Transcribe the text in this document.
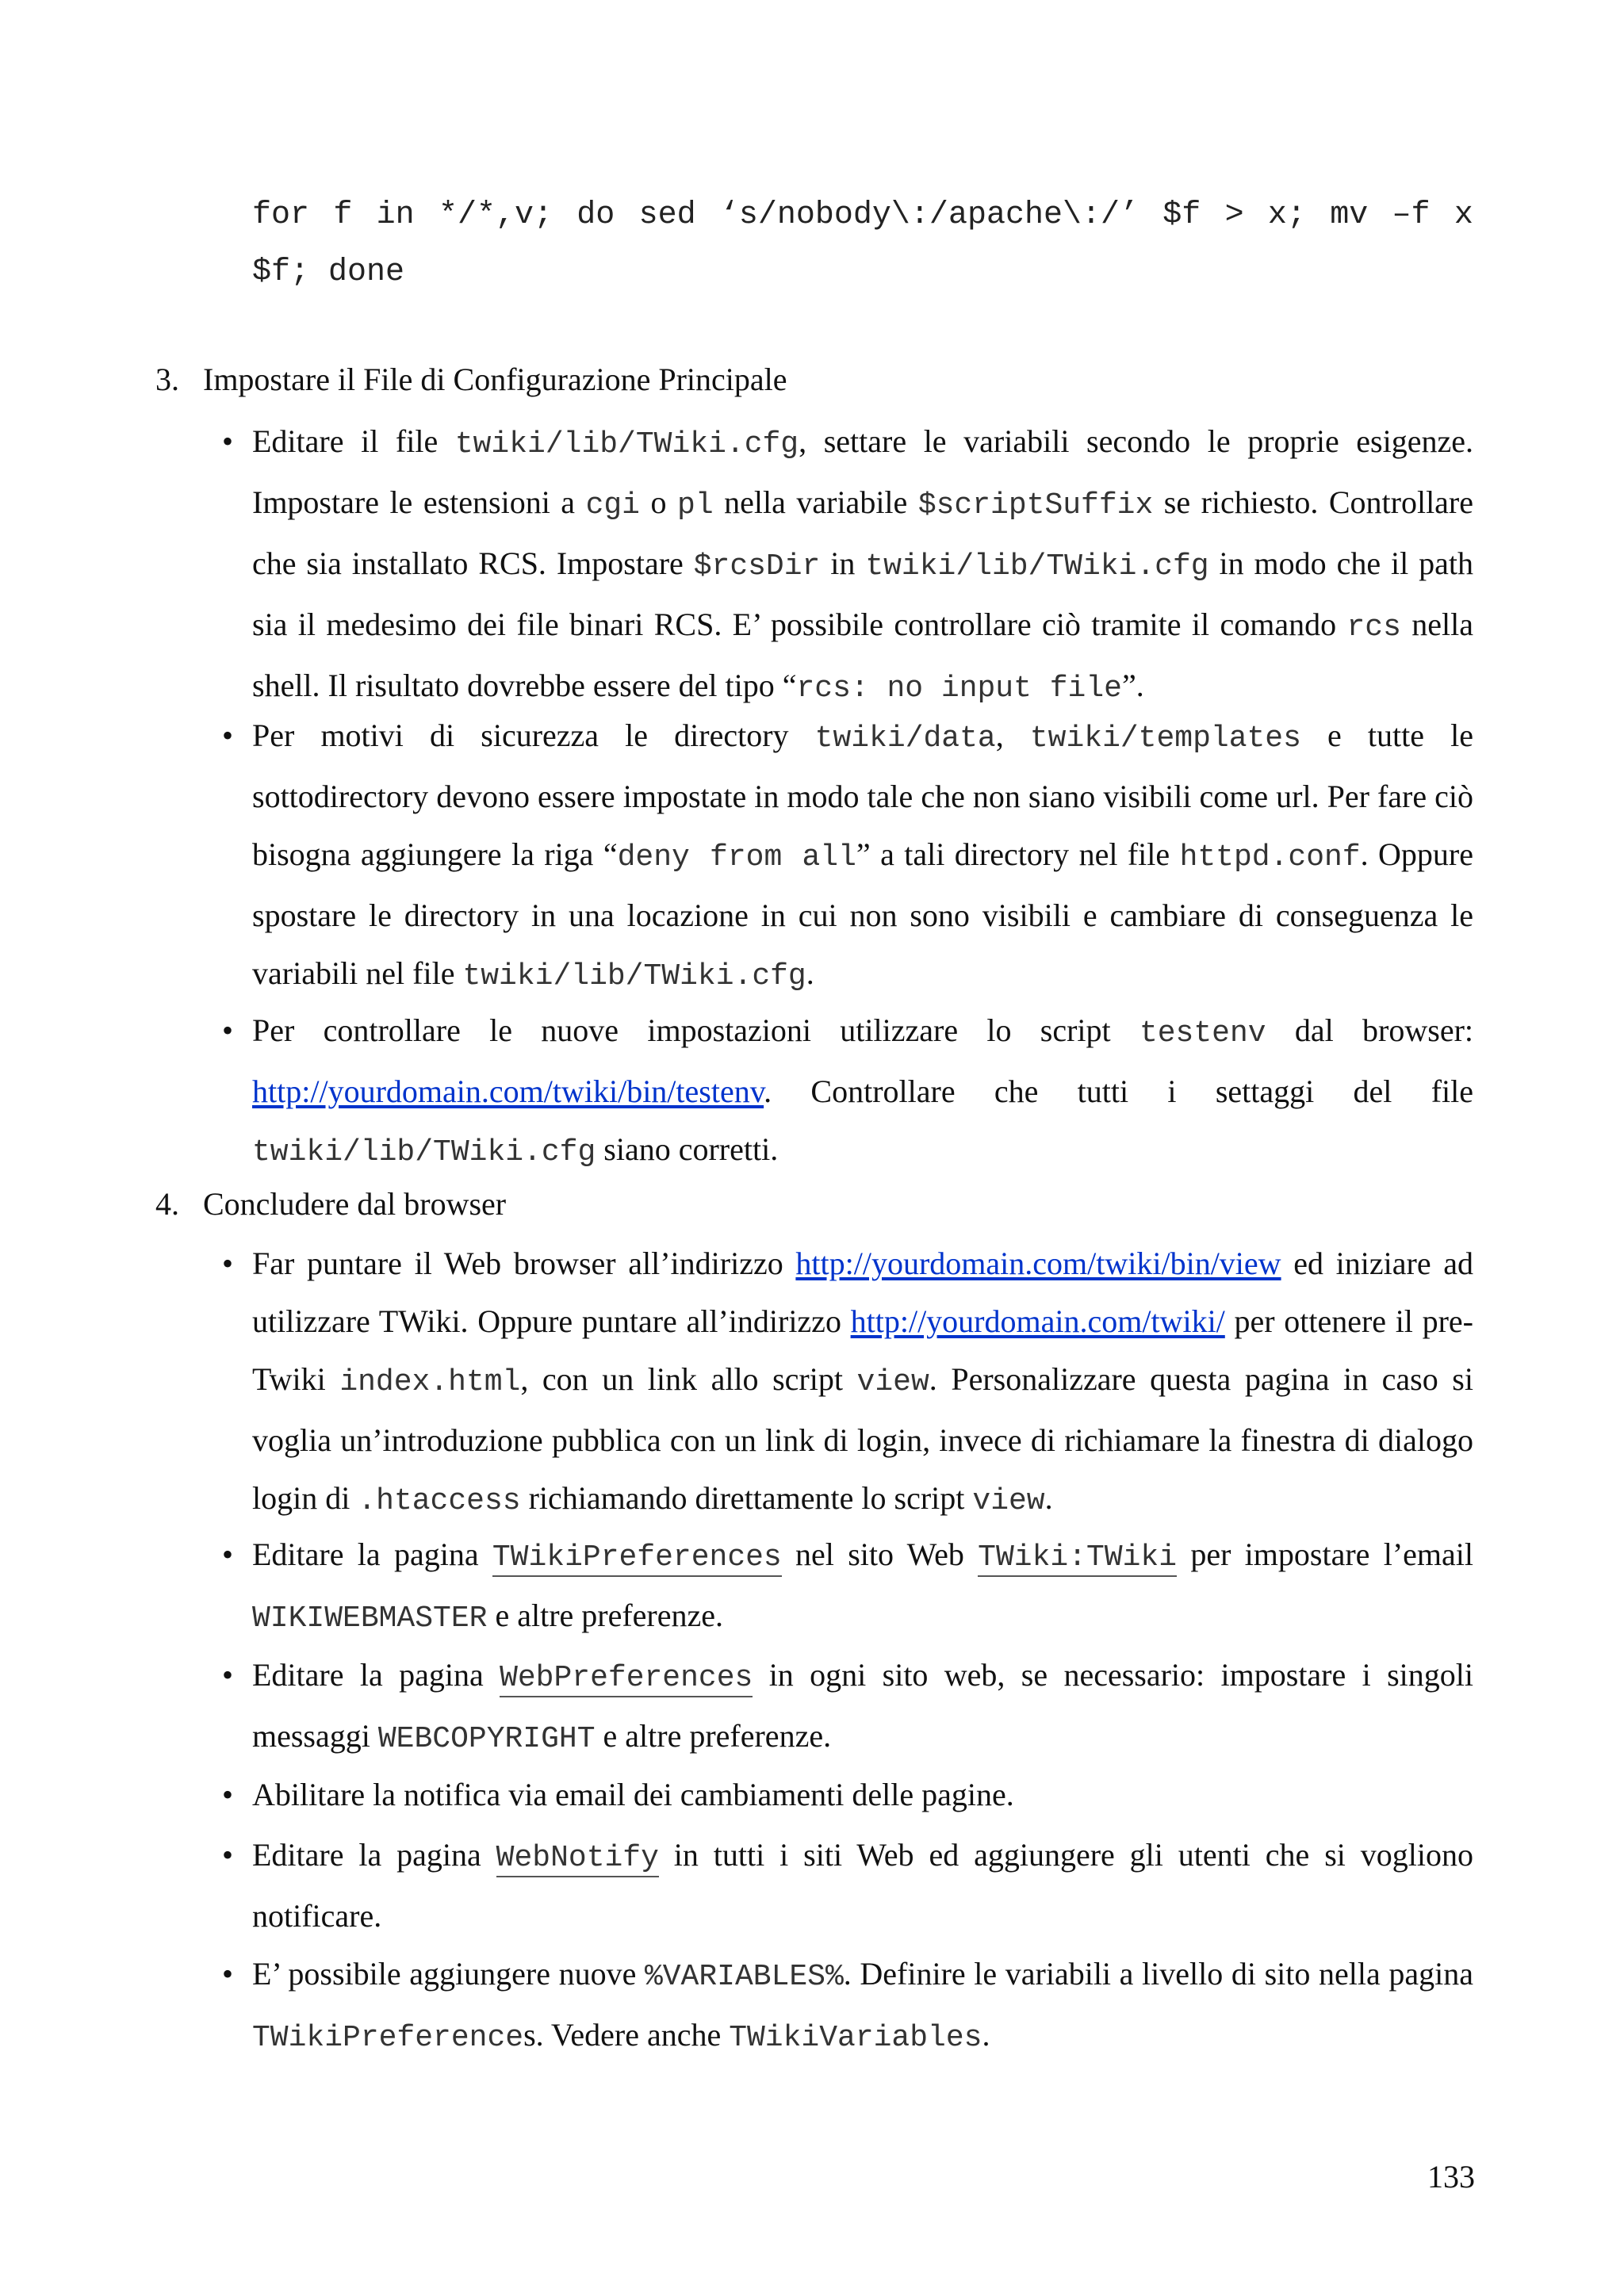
for f in */*,v; do sed ‘s/nobody\:/apache\:/’ $f > x; mv –f x
$f; done
3. Impostare il File di Configurazione Principale
• Editare il file twiki/lib/TWiki.cfg, settare le variabili secondo le proprie esigenze. Impostare le estensioni a cgi o pl nella variabile $scriptSuffix se richiesto. Controllare che sia installato RCS. Impostare $rcsDir in twiki/lib/TWiki.cfg in modo che il path sia il medesimo dei file binari RCS. E’ possibile controllare ciò tramite il comando rcs nella shell. Il risultato dovrebbe essere del tipo “rcs: no input file”.
• Per motivi di sicurezza le directory twiki/data, twiki/templates e tutte le sottodirectory devono essere impostate in modo tale che non siano visibili come url. Per fare ciò bisogna aggiungere la riga “deny from all” a tali directory nel file httpd.conf. Oppure spostare le directory in una locazione in cui non sono visibili e cambiare di conseguenza le variabili nel file twiki/lib/TWiki.cfg.
• Per controllare le nuove impostazioni utilizzare lo script testenv dal browser: http://yourdomain.com/twiki/bin/testenv. Controllare che tutti i settaggi del file twiki/lib/TWiki.cfg siano corretti.
4. Concludere dal browser
• Far puntare il Web browser all’indirizzo http://yourdomain.com/twiki/bin/view ed iniziare ad utilizzare TWiki. Oppure puntare all’indirizzo http://yourdomain.com/twiki/ per ottenere il pre-Twiki index.html, con un link allo script view. Personalizzare questa pagina in caso si voglia un’introduzione pubblica con un link di login, invece di richiamare la finestra di dialogo login di .htaccess richiamando direttamente lo script view.
• Editare la pagina TWikiPreferences nel sito Web TWiki:TWiki per impostare l’email WIKIWEBMASTER e altre preferenze.
• Editare la pagina WebPreferences in ogni sito web, se necessario: impostare i singoli messaggi WEBCOPYRIGHT e altre preferenze.
• Abilitare la notifica via email dei cambiamenti delle pagine.
• Editare la pagina WebNotify in tutti i siti Web ed aggiungere gli utenti che si vogliono notificare.
• E’ possibile aggiungere nuove %VARIABLES%. Definire le variabili a livello di sito nella pagina TWikiPreferences. Vedere anche TWikiVariables.
133
